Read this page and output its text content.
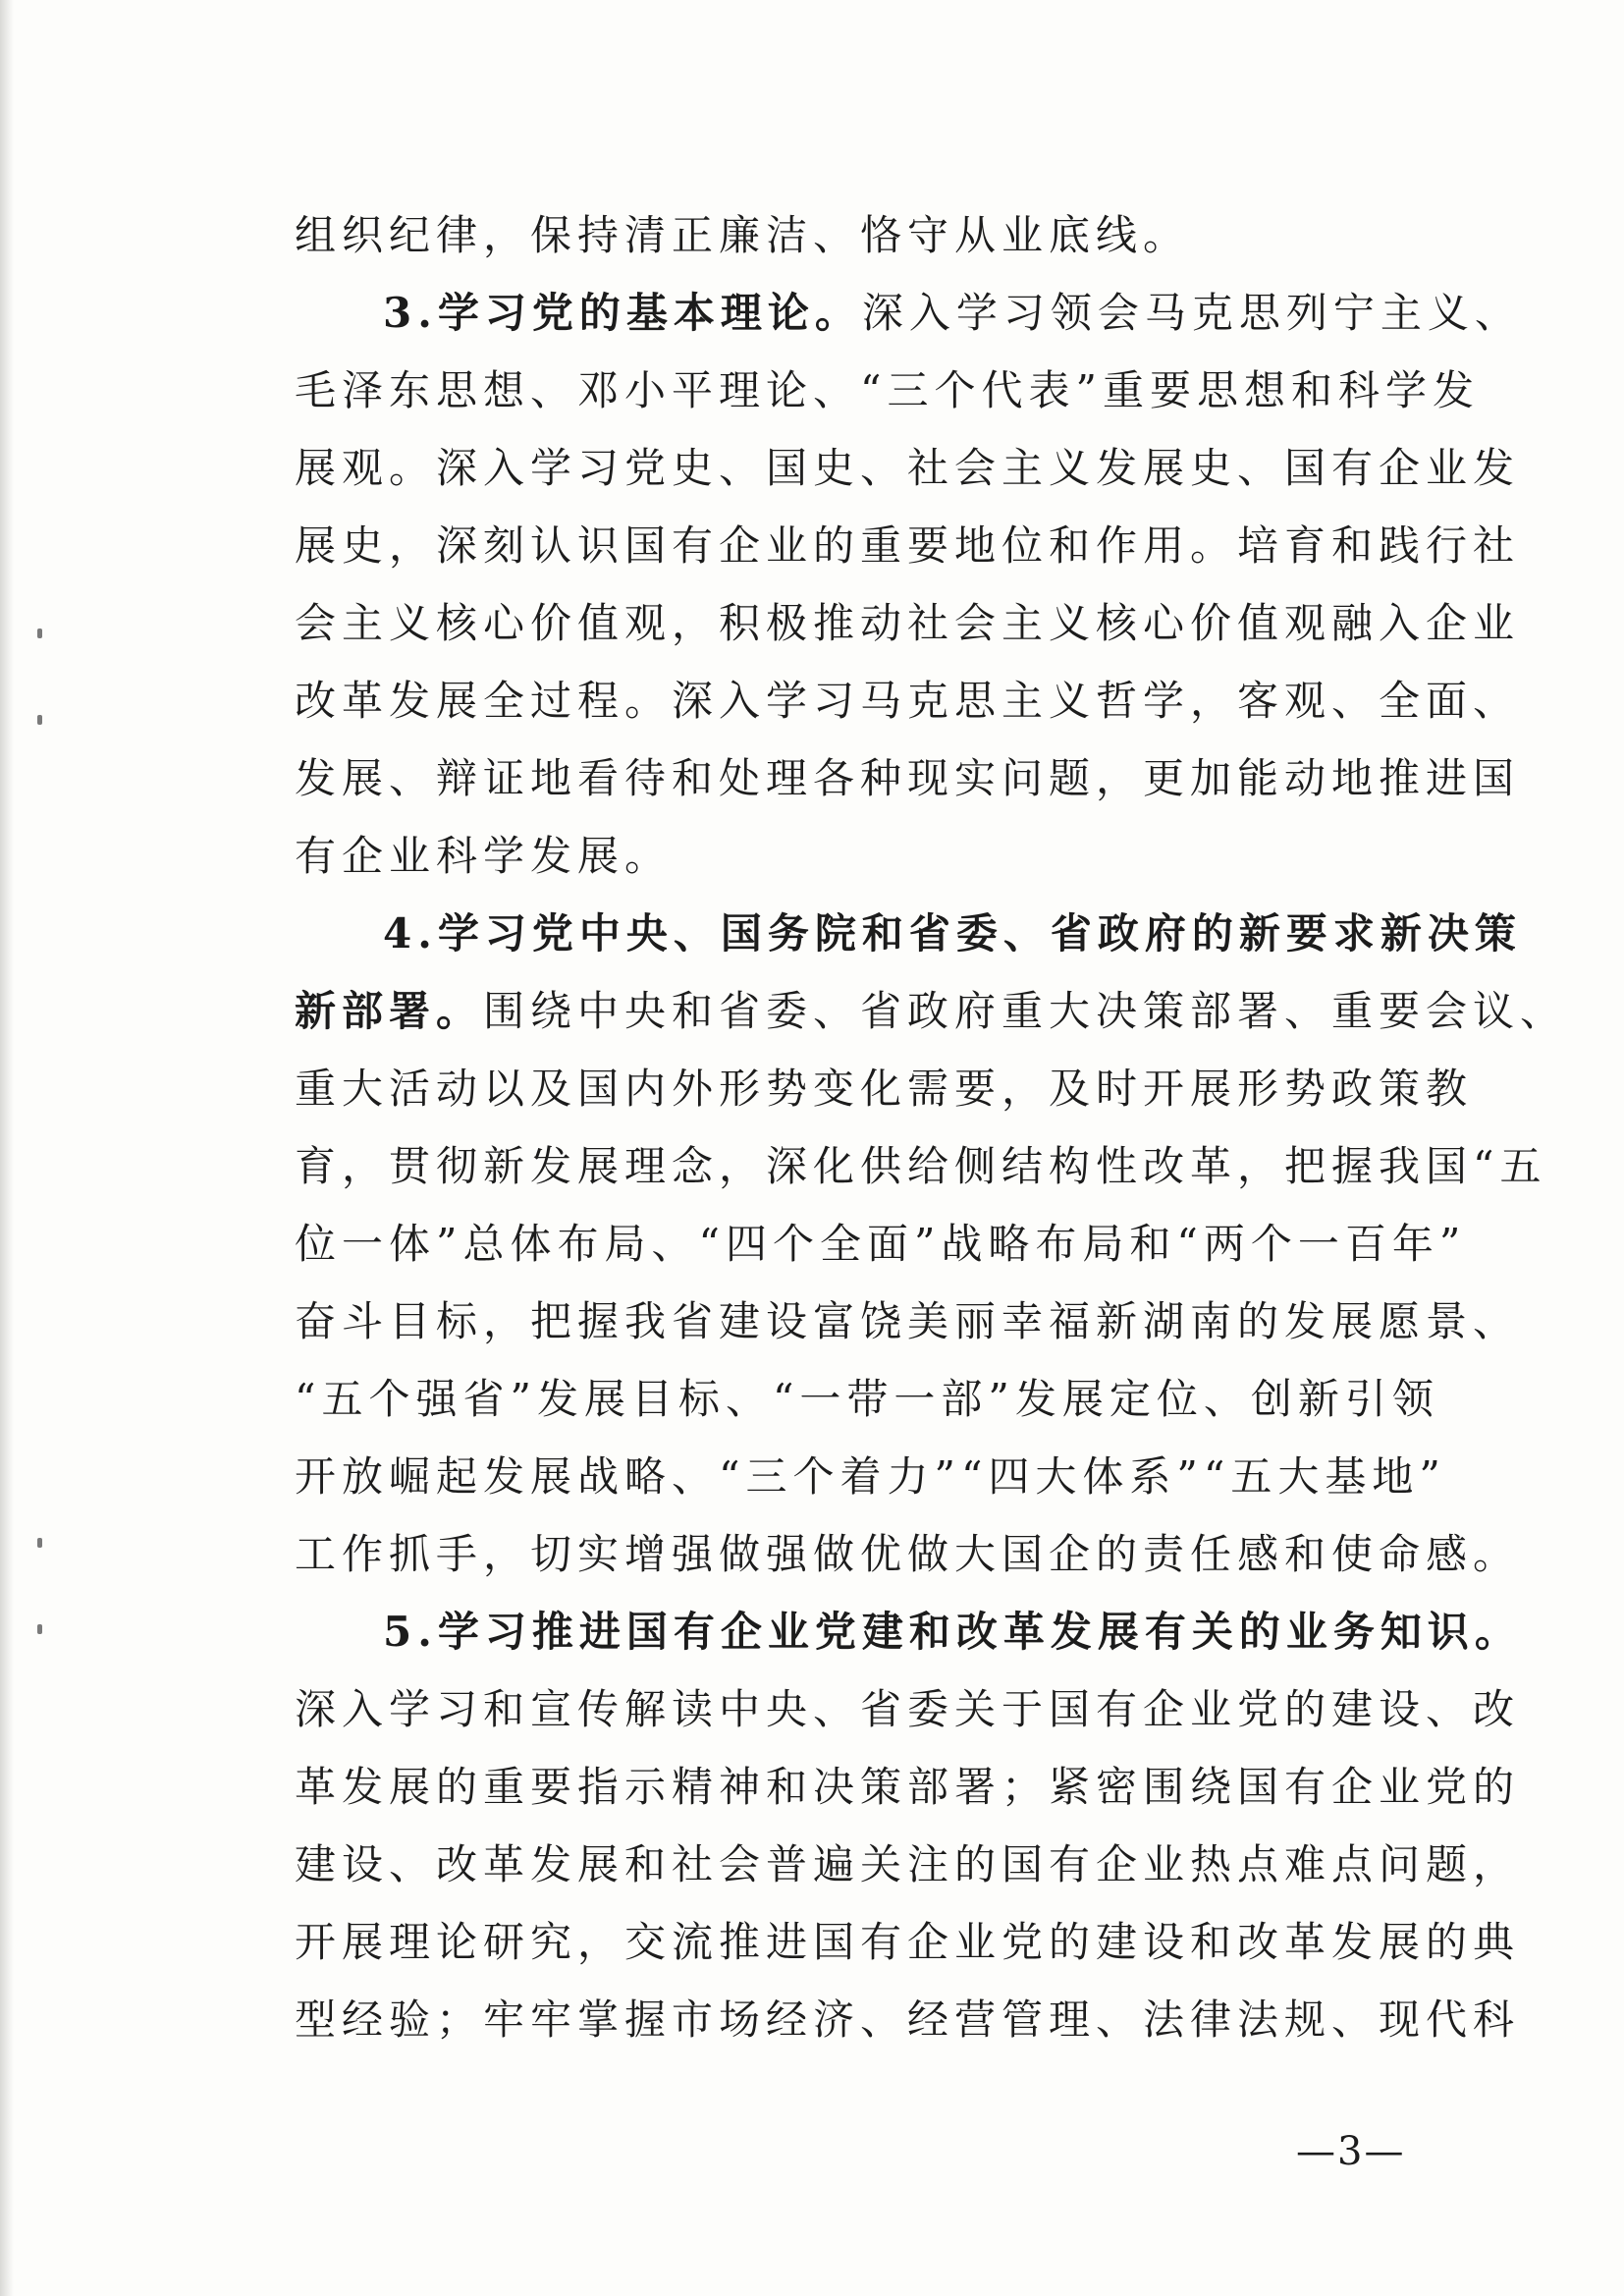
组织纪律，保持清正廉洁、恪守从业底线。
3.学习党的基本理论。深入学习领会马克思列宁主义、
毛泽东思想、邓小平理论、“三个代表”重要思想和科学发
展观。深入学习党史、国史、社会主义发展史、国有企业发
展史，深刻认识国有企业的重要地位和作用。培育和践行社
会主义核心价值观，积极推动社会主义核心价值观融入企业
改革发展全过程。深入学习马克思主义哲学，客观、全面、
发展、辩证地看待和处理各种现实问题，更加能动地推进国
有企业科学发展。
4.学习党中央、国务院和省委、省政府的新要求新决策
新部署。围绕中央和省委、省政府重大决策部署、重要会议、
重大活动以及国内外形势变化需要，及时开展形势政策教
育，贯彻新发展理念，深化供给侧结构性改革，把握我国“五
位一体”总体布局、“四个全面”战略布局和“两个一百年”
奋斗目标，把握我省建设富饶美丽幸福新湖南的发展愿景、
“五个强省”发展目标、“一带一部”发展定位、创新引领
开放崛起发展战略、“三个着力”“四大体系”“五大基地”
工作抓手，切实增强做强做优做大国企的责任感和使命感。
5.学习推进国有企业党建和改革发展有关的业务知识。
深入学习和宣传解读中央、省委关于国有企业党的建设、改
革发展的重要指示精神和决策部署；紧密围绕国有企业党的
建设、改革发展和社会普遍关注的国有企业热点难点问题，
开展理论研究，交流推进国有企业党的建设和改革发展的典
型经验；牢牢掌握市场经济、经营管理、法律法规、现代科
—3—
